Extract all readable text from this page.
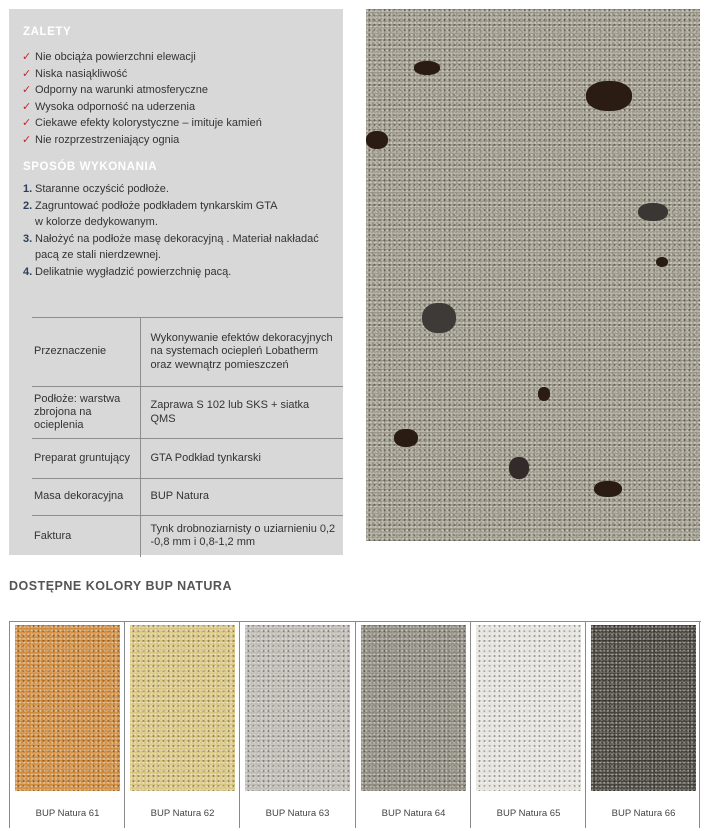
ZALETY
✓ Nie obciąża powierzchni elewacji
✓ Niska nasiąkliwość
✓ Odporny na warunki atmosferyczne
✓ Wysoka odporność na uderzenia
✓ Ciekawe efekty kolorystyczne – imituje kamień
✓ Nie rozprzestrzeniający ognia
SPOSÓB WYKONANIA
1. Staranne oczyścić podłoże.
2. Zagruntować podłoże podkładem tynkarskim GTA
w kolorze dedykowanym.
3. Nałożyć na podłoże masę dekoracyjną . Materiał nakładać
pacą ze stali nierdzewnej.
4. Delikatnie wygładzić powierzchnię pacą.
Przeznaczenie	Wykonywanie efektów dekoracyjnych na systemach ociepleń Lobatherm oraz wewnątrz pomieszczeń
Podłoże: warstwa zbrojona na ocieplenia	Zaprawa S 102 lub SKS + siatka QMS
Preparat gruntujący	GTA Podkład tynkarski
Masa dekoracyjna	BUP Natura
Faktura	Tynk drobnoziarnisty o uziarnieniu 0,2 -0,8 mm i 0,8-1,2 mm
DOSTĘPNE KOLORY BUP NATURA
BUP Natura 61	BUP Natura 62	BUP Natura 63	BUP Natura 64	BUP Natura 65	BUP Natura 66
